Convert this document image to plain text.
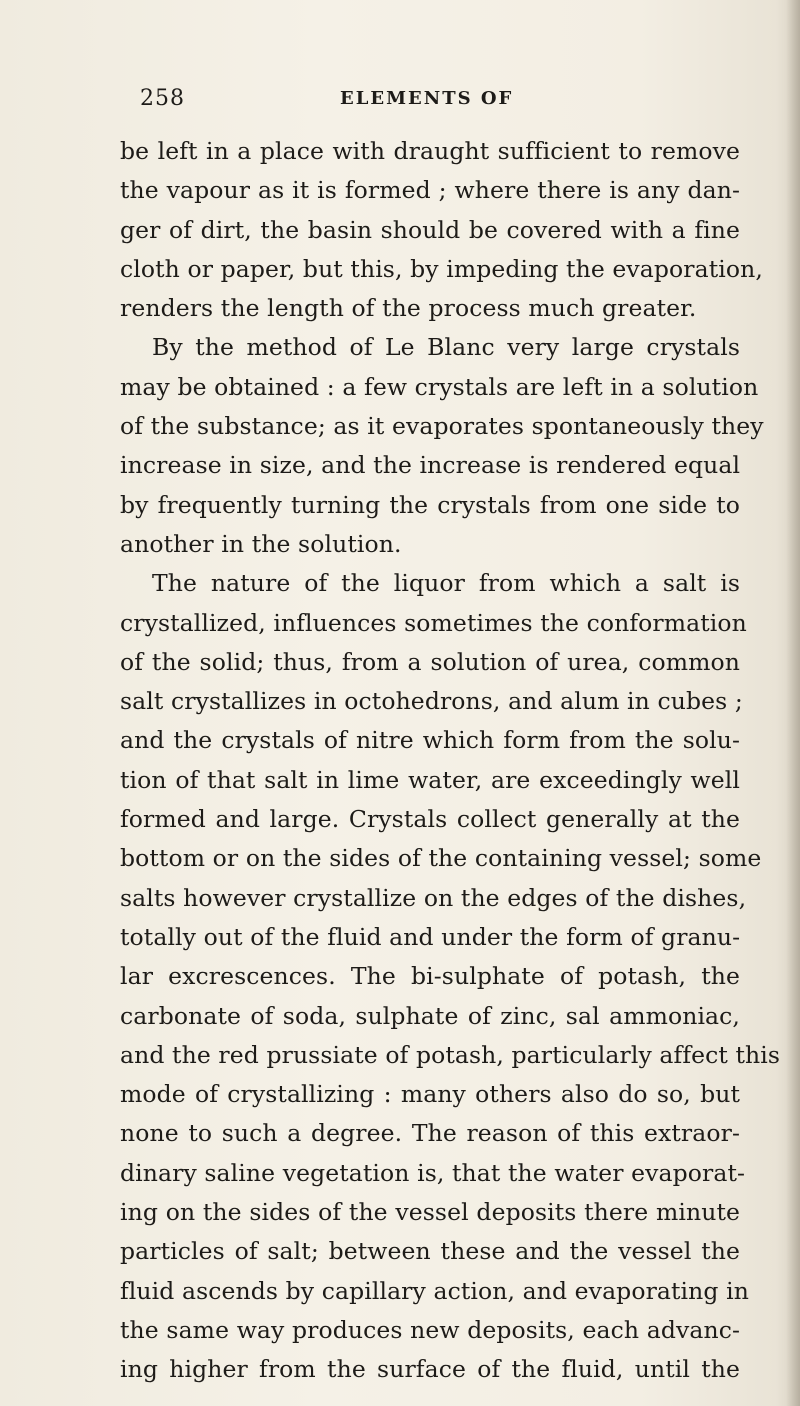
258	ELEMENTS OF
be left in a place with draught sufficient to remove
the vapour as it is formed ; where there is any dan-
ger of dirt, the basin should be covered with a fine
cloth or paper, but this, by impeding the evaporation,
renders the length of the process much greater.
By the method of Le Blanc very large crystals
may be obtained : a few crystals are left in a solution
of the substance; as it evaporates spontaneously they
increase in size, and the increase is rendered equal
by frequently turning the crystals from one side to
another in the solution.
The nature of the liquor from which a salt is
crystallized, influences sometimes the conformation
of the solid; thus, from a solution of urea, common
salt crystallizes in octohedrons, and alum in cubes ;
and the crystals of nitre which form from the solu-
tion of that salt in lime water, are exceedingly well
formed and large. Crystals collect generally at the
bottom or on the sides of the containing vessel; some
salts however crystallize on the edges of the dishes,
totally out of the fluid and under the form of granu-
lar excrescences. The bi-sulphate of potash, the
carbonate of soda, sulphate of zinc, sal ammoniac,
and the red prussiate of potash, particularly affect this
mode of crystallizing : many others also do so, but
none to such a degree. The reason of this extraor-
dinary saline vegetation is, that the water evaporat-
ing on the sides of the vessel deposits there minute
particles of salt; between these and the vessel the
fluid ascends by capillary action, and evaporating in
the same way produces new deposits, each advanc-
ing higher from the surface of the fluid, until the
